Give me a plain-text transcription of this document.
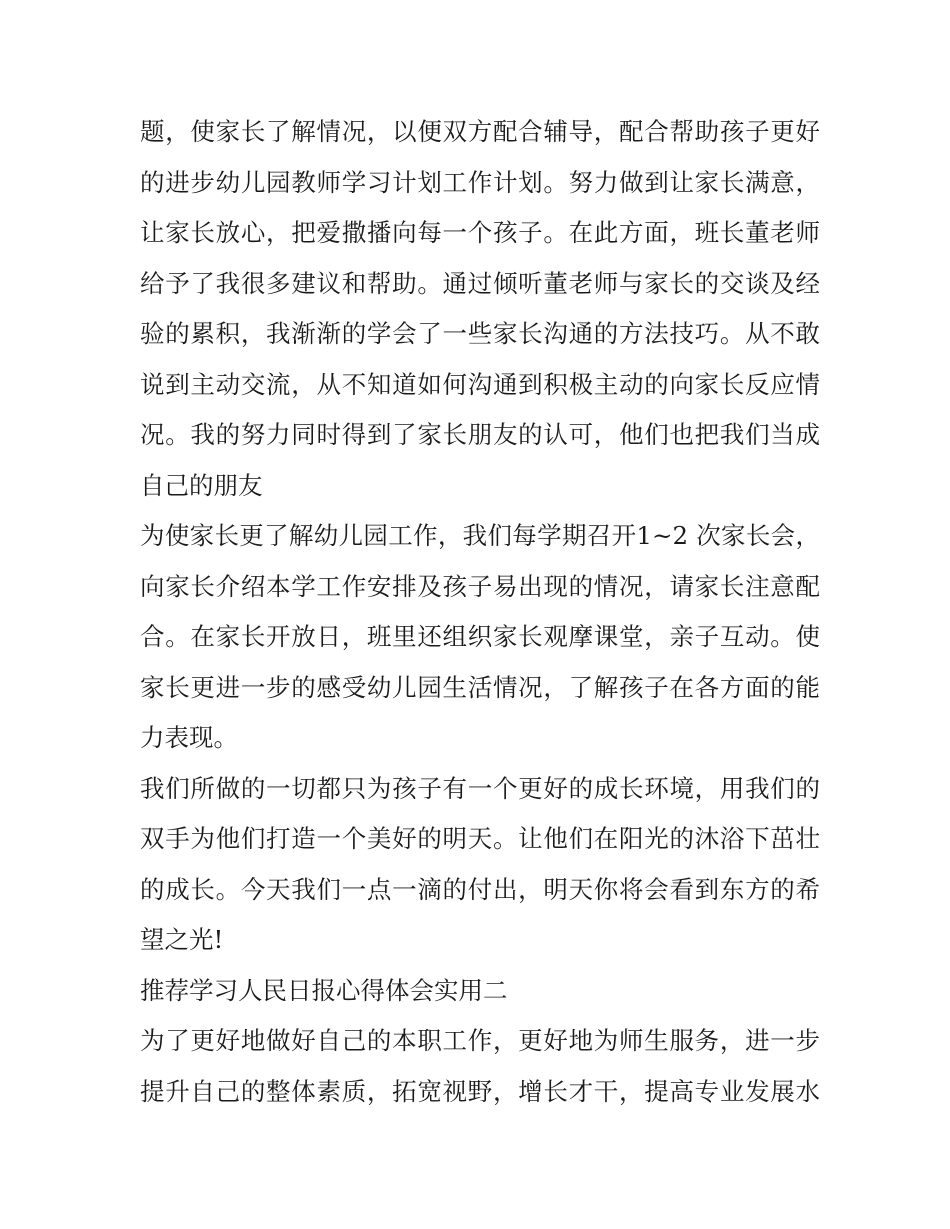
题，使家长了解情况，以便双方配合辅导，配合帮助孩子更好
的进步幼儿园教师学习计划工作计划。努力做到让家长满意，
让家长放心，把爱撒播向每一个孩子。在此方面，班长董老师
给予了我很多建议和帮助。通过倾听董老师与家长的交谈及经
验的累积，我渐渐的学会了一些家长沟通的方法技巧。从不敢
说到主动交流，从不知道如何沟通到积极主动的向家长反应情
况。我的努力同时得到了家长朋友的认可，他们也把我们当成
自己的朋友
为使家长更了解幼儿园工作，我们每学期召开1~2 次家长会，
向家长介绍本学工作安排及孩子易出现的情况，请家长注意配
合。在家长开放日，班里还组织家长观摩课堂，亲子互动。使
家长更进一步的感受幼儿园生活情况，了解孩子在各方面的能
力表现。
我们所做的一切都只为孩子有一个更好的成长环境，用我们的
双手为他们打造一个美好的明天。让他们在阳光的沐浴下茁壮
的成长。今天我们一点一滴的付出，明天你将会看到东方的希
望之光!
推荐学习人民日报心得体会实用二
为了更好地做好自己的本职工作，更好地为师生服务，进一步
提升自己的整体素质，拓宽视野，增长才干，提高专业发展水
